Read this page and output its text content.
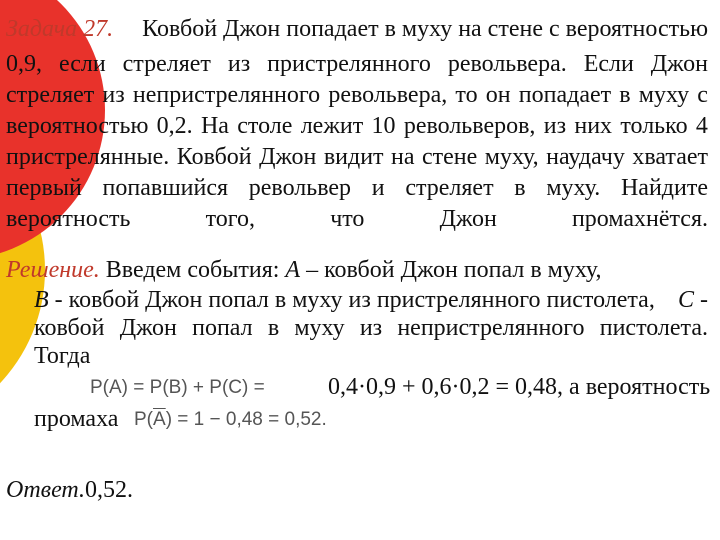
Задача 27. Ковбой Джон попадает в муху на стене с вероятностью
0,9, если стреляет из пристрелянного револьвера. Если Джон
стреляет из непристрелянного револьвера, то он попадает в муху с
вероятностью 0,2. На столе лежит 10 револьверов, из них только 4
пристрелянные. Ковбой Джон видит на стене муху, наудачу хватает
первый попавшийся револьвер и стреляет в муху. Найдите
вероятность	того,	что	Джон	промахнётся.
Решение. Введем события: A – ковбой Джон попал в муху,
B - ковбой Джон попал в муху из пристрелянного пистолета, C -
ковбой Джон попал в муху из непристрелянного пистолета.
Тогда
P(A) = P(B) + P(C) =	0,4·0,9 + 0,6·0,2 = 0,48, а вероятность
промаха $P(\overline{A}) = 1 - 0,48 = 0,52$.
Ответ.0,52.
